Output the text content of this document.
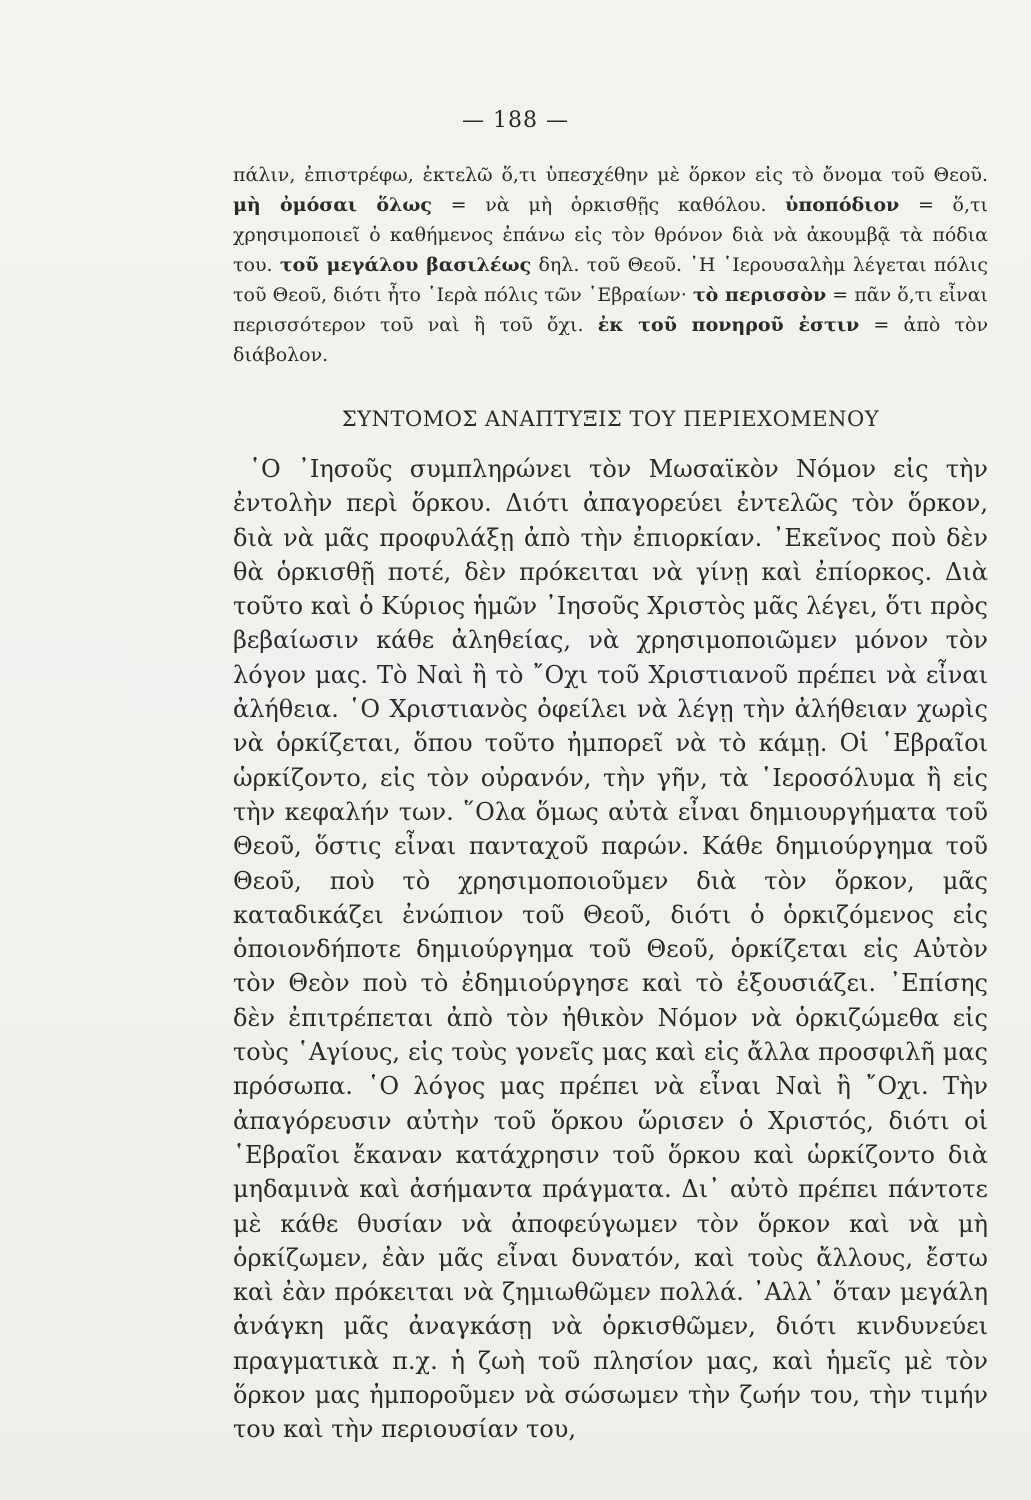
— 188 —

πάλιν, ἐπιστρέφω, ἐκτελῶ ὅ,τι ὑπεσχέθην μὲ ὅρκον εἰς τὸ ὄνομα τοῦ Θεοῦ. μὴ ὀμόσαι ὅλως = νὰ μὴ ὁρκισθῇς καθόλου. ὑποπόδιον = ὅ,τι χρησιμοποιεῖ ὁ καθήμενος ἐπάνω εἰς τὸν θρόνον διὰ νὰ ἀκουμβᾷ τὰ πόδια του. τοῦ μεγάλου βασιλέως δηλ. τοῦ Θεοῦ. ῾Η ῾Ιερουσαλὴμ λέγεται πόλις τοῦ Θεοῦ, διότι ἦτο ῾Ιερὰ πόλις τῶν ῾Εβραίων· τὸ περισσὸν = πᾶν ὅ,τι εἶναι περισσότερον τοῦ ναὶ ἢ τοῦ ὄχι. ἐκ τοῦ πονηροῦ ἐστιν = ἀπὸ τὸν διάβολον.

ΣΥΝΤΟΜΟΣ ΑΝΑΠΤΥΞΙΣ ΤΟΥ ΠΕΡΙΕΧΟΜΕΝΟΥ

῾Ο ᾿Ιησοῦς συμπληρώνει τὸν Μωσαϊκὸν Νόμον εἰς τὴν ἐντολὴν περὶ ὅρκου. Διότι ἀπαγορεύει ἐντελῶς τὸν ὅρκον, διὰ νὰ μᾶς προφυλάξῃ ἀπὸ τὴν ἐπιορκίαν. ᾿Εκεῖνος ποὺ δὲν θὰ ὁρκισθῇ ποτέ, δὲν πρόκειται νὰ γίνῃ καὶ ἐπίορκος. Διὰ τοῦτο καὶ ὁ Κύριος ἡμῶν ᾿Ιησοῦς Χριστὸς μᾶς λέγει, ὅτι πρὸς βεβαίωσιν κάθε ἀληθείας, νὰ χρησιμοποιῶμεν μόνον τὸν λόγον μας. Τὸ Ναὶ ἢ τὸ ῎Οχι τοῦ Χριστιανοῦ πρέπει νὰ εἶναι ἀλήθεια. ῾Ο Χριστιανὸς ὀφείλει νὰ λέγῃ τὴν ἀλήθειαν χωρὶς νὰ ὁρκίζεται, ὅπου τοῦτο ἠμπορεῖ νὰ τὸ κάμῃ. Οἱ ῾Εβραῖοι ὡρκίζοντο, εἰς τὸν οὐρανόν, τὴν γῆν, τὰ ῾Ιεροσόλυμα ἢ εἰς τὴν κεφαλήν των. ῞Ολα ὅμως αὐτὰ εἶναι δημιουργήματα τοῦ Θεοῦ, ὅστις εἶναι πανταχοῦ παρών. Κάθε δημιούργημα τοῦ Θεοῦ, ποὺ τὸ χρησιμοποιοῦμεν διὰ τὸν ὅρκον, μᾶς καταδικάζει ἐνώπιον τοῦ Θεοῦ, διότι ὁ ὁρκιζόμενος εἰς ὁποιονδήποτε δημιούργημα τοῦ Θεοῦ, ὁρκίζεται εἰς Αὐτὸν τὸν Θεὸν ποὺ τὸ ἐδημιούργησε καὶ τὸ ἐξουσιάζει. ᾿Επίσης δὲν ἐπιτρέπεται ἀπὸ τὸν ἠθικὸν Νόμον νὰ ὁρκιζώμεθα εἰς τοὺς ῾Αγίους, εἰς τοὺς γονεῖς μας καὶ εἰς ἄλλα προσφιλῆ μας πρόσωπα. ῾Ο λόγος μας πρέπει νὰ εἶναι Ναὶ ἢ ῎Οχι. Τὴν ἀπαγόρευσιν αὐτὴν τοῦ ὅρκου ὥρισεν ὁ Χριστός, διότι οἱ ῾Εβραῖοι ἔκαναν κατάχρησιν τοῦ ὅρκου καὶ ὡρκίζοντο διὰ μηδαμινὰ καὶ ἀσήμαντα πράγματα. Δι᾿ αὐτὸ πρέπει πάντοτε μὲ κάθε θυσίαν νὰ ἀποφεύγωμεν τὸν ὅρκον καὶ νὰ μὴ ὁρκίζωμεν, ἐὰν μᾶς εἶναι δυνατόν, καὶ τοὺς ἄλλους, ἔστω καὶ ἐὰν πρόκειται νὰ ζημιωθῶμεν πολλά. ᾿Αλλ᾿ ὅταν μεγάλη ἀνάγκη μᾶς ἀναγκάσῃ νὰ ὁρκισθῶμεν, διότι κινδυνεύει πραγματικὰ π.χ. ἡ ζωὴ τοῦ πλησίον μας, καὶ ἡμεῖς μὲ τὸν ὅρκον μας ἠμποροῦμεν νὰ σώσωμεν τὴν ζωήν του, τὴν τιμήν του καὶ τὴν περιουσίαν του,
